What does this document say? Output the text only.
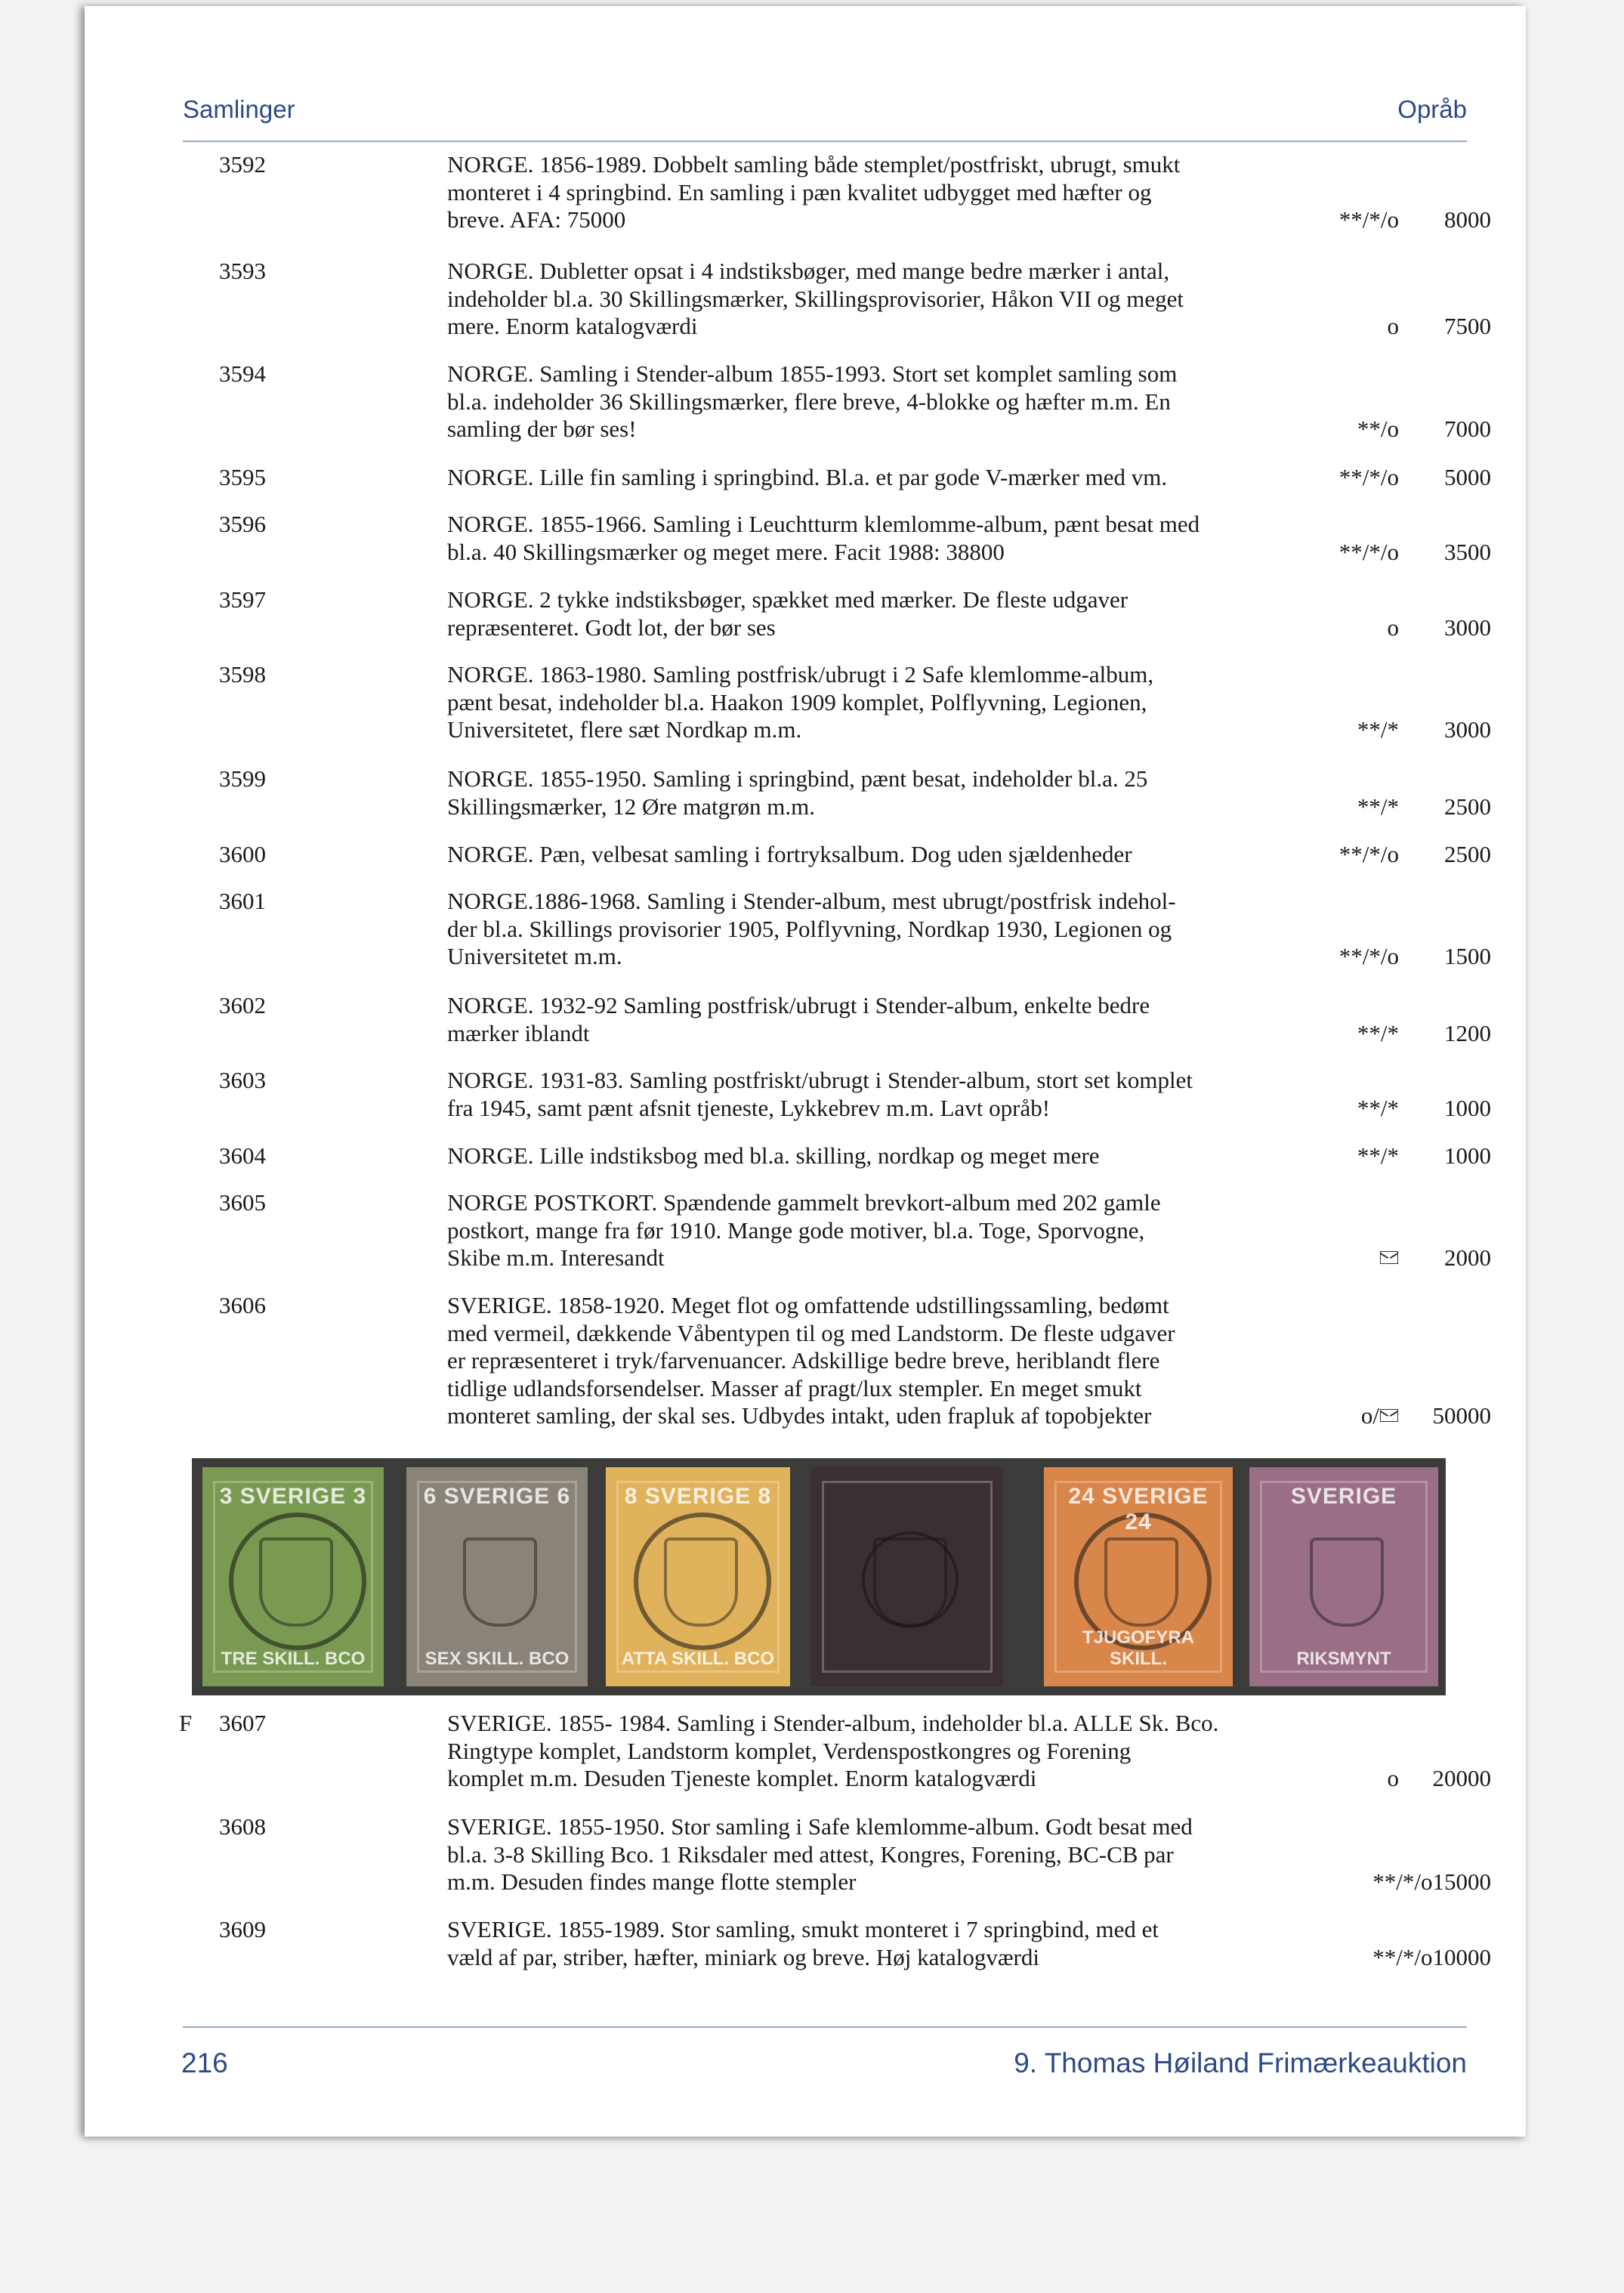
Samlinger	Opråb
3592	NORGE. 1856-1989. Dobbelt samling både stemplet/postfriskt, ubrugt, smukt
monteret i 4 springbind. En samling i pæn kvalitet udbygget med hæfter og
breve. AFA: 75000	**/*/o 8000
3593	NORGE. Dubletter opsat i 4 indstiksbøger, med mange bedre mærker i antal,
indeholder bl.a. 30 Skillingsmærker, Skillingsprovisorier, Håkon VII og meget
mere. Enorm katalogværdi	o 7500
3594	NORGE. Samling i Stender-album 1855-1993. Stort set komplet samling som
bl.a. indeholder 36 Skillingsmærker, flere breve, 4-blokke og hæfter m.m. En
samling der bør ses!	**/o 7000
3595	NORGE. Lille fin samling i springbind. Bl.a. et par gode V-mærker med vm.	**/*/o 5000
3596	NORGE. 1855-1966. Samling i Leuchtturm klemlomme-album, pænt besat med
bl.a. 40 Skillingsmærker og meget mere. Facit 1988: 38800	**/*/o 3500
3597	NORGE. 2 tykke indstiksbøger, spækket med mærker. De fleste udgaver
repræsenteret. Godt lot, der bør ses	o 3000
3598	NORGE. 1863-1980. Samling postfrisk/ubrugt i 2 Safe klemlomme-album,
pænt besat, indeholder bl.a. Haakon 1909 komplet, Polflyvning, Legionen,
Universitetet, flere sæt Nordkap m.m.	**/* 3000
3599	NORGE. 1855-1950. Samling i springbind, pænt besat, indeholder bl.a. 25
Skillingsmærker, 12 Øre matgrøn m.m.	**/* 2500
3600	NORGE. Pæn, velbesat samling i fortryksalbum. Dog uden sjældenheder	**/*/o 2500
3601	NORGE.1886-1968. Samling i Stender-album, mest ubrugt/postfrisk indehol-
der bl.a. Skillings provisorier 1905, Polflyvning, Nordkap 1930, Legionen og
Universitetet m.m.	**/*/o 1500
3602	NORGE. 1932-92 Samling postfrisk/ubrugt i Stender-album, enkelte bedre
mærker iblandt	**/* 1200
3603	NORGE. 1931-83. Samling postfriskt/ubrugt i Stender-album, stort set komplet
fra 1945, samt pænt afsnit tjeneste, Lykkebrev m.m. Lavt opråb!	**/* 1000
3604	NORGE. Lille indstiksbog med bl.a. skilling, nordkap og meget mere	**/* 1000
3605	NORGE POSTKORT. Spændende gammelt brevkort-album med 202 gamle
postkort, mange fra før 1910. Mange gode motiver, bl.a. Toge, Sporvogne,
Skibe m.m. Interesandt	2000
3606	SVERIGE. 1858-1920. Meget flot og omfattende udstillingssamling, bedømt
med vermeil, dækkende Våbentypen til og med Landstorm. De fleste udgaver
er repræsenteret i tryk/farvenuancer. Adskillige bedre breve, heriblandt flere
tidlige udlandsforsendelser. Masser af pragt/lux stempler. En meget smukt
monteret samling, der skal ses. Udbydes intakt, uden frapluk af topobjekter	o/	50000
F 3607	SVERIGE. 1855- 1984. Samling i Stender-album, indeholder bl.a. ALLE Sk. Bco.
Ringtype komplet, Landstorm komplet, Verdenspostkongres og Forening
komplet m.m. Desuden Tjeneste komplet. Enorm katalogværdi	o 20000
3608	SVERIGE. 1855-1950. Stor samling i Safe klemlomme-album. Godt besat med
bl.a. 3-8 Skilling Bco. 1 Riksdaler med attest, Kongres, Forening, BC-CB par
m.m. Desuden findes mange flotte stempler	**/*/o15000
3609	SVERIGE. 1855-1989. Stor samling, smukt monteret i 7 springbind, med et
væld af par, striber, hæfter, miniark og breve. Høj katalogværdi	**/*/o10000
3 SVERIGE 3
TRE SKILL. BCO
6 SVERIGE 6
SEX SKILL. BCO
8 SVERIGE 8
ATTA SKILL. BCO
24 SVERIGE 24
TJUGOFYRA SKILL.
SVERIGE
RIKSMYNT
216	9. Thomas Høiland Frimærkeauktion
